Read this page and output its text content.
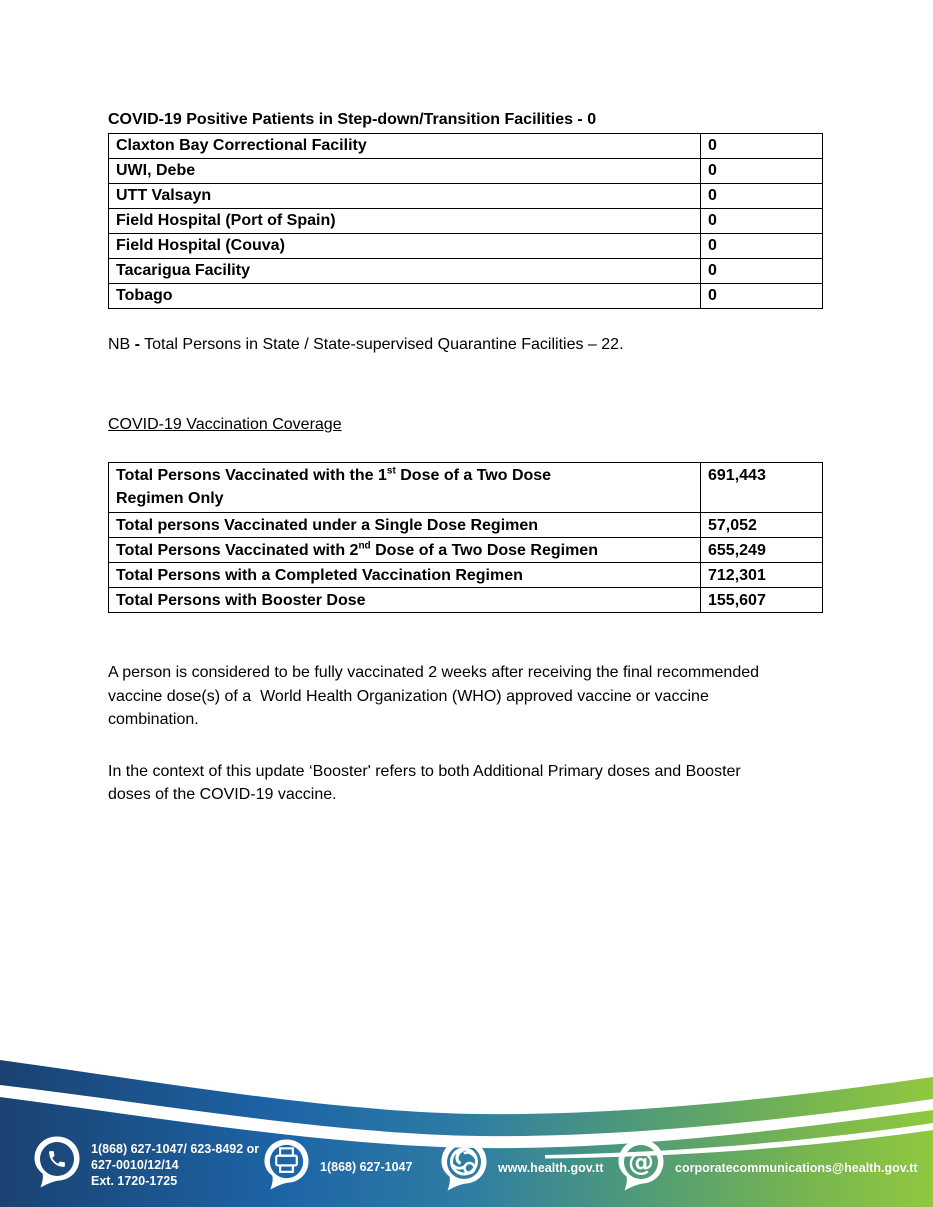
COVID-19 Positive Patients in Step-down/Transition Facilities - 0
Claxton Bay Correctional Facility	0
UWI, Debe	0
UTT Valsayn	0
Field Hospital (Port of Spain)	0
Field Hospital (Couva)	0
Tacarigua Facility	0
Tobago	0
NB - Total Persons in State / State-supervised Quarantine Facilities – 22.
COVID-19 Vaccination Coverage
Total Persons Vaccinated with the 1st Dose of a Two Dose
Regimen Only	691,443
Total persons Vaccinated under a Single Dose Regimen	57,052
Total Persons Vaccinated with 2nd Dose of a Two Dose Regimen	655,249
Total Persons with a Completed Vaccination Regimen	712,301
Total Persons with Booster Dose	155,607
A person is considered to be fully vaccinated 2 weeks after receiving the final recommended
vaccine dose(s) of a  World Health Organization (WHO) approved vaccine or vaccine
combination.
In the context of this update ‘Booster' refers to both Additional Primary doses and Booster
doses of the COVID-19 vaccine.
1(868) 627-1047/ 623-8492 or
627-0010/12/14
Ext. 1720-1725
1(868) 627-1047	www.health.gov.tt @ corporatecommunications@health.gov.tt
